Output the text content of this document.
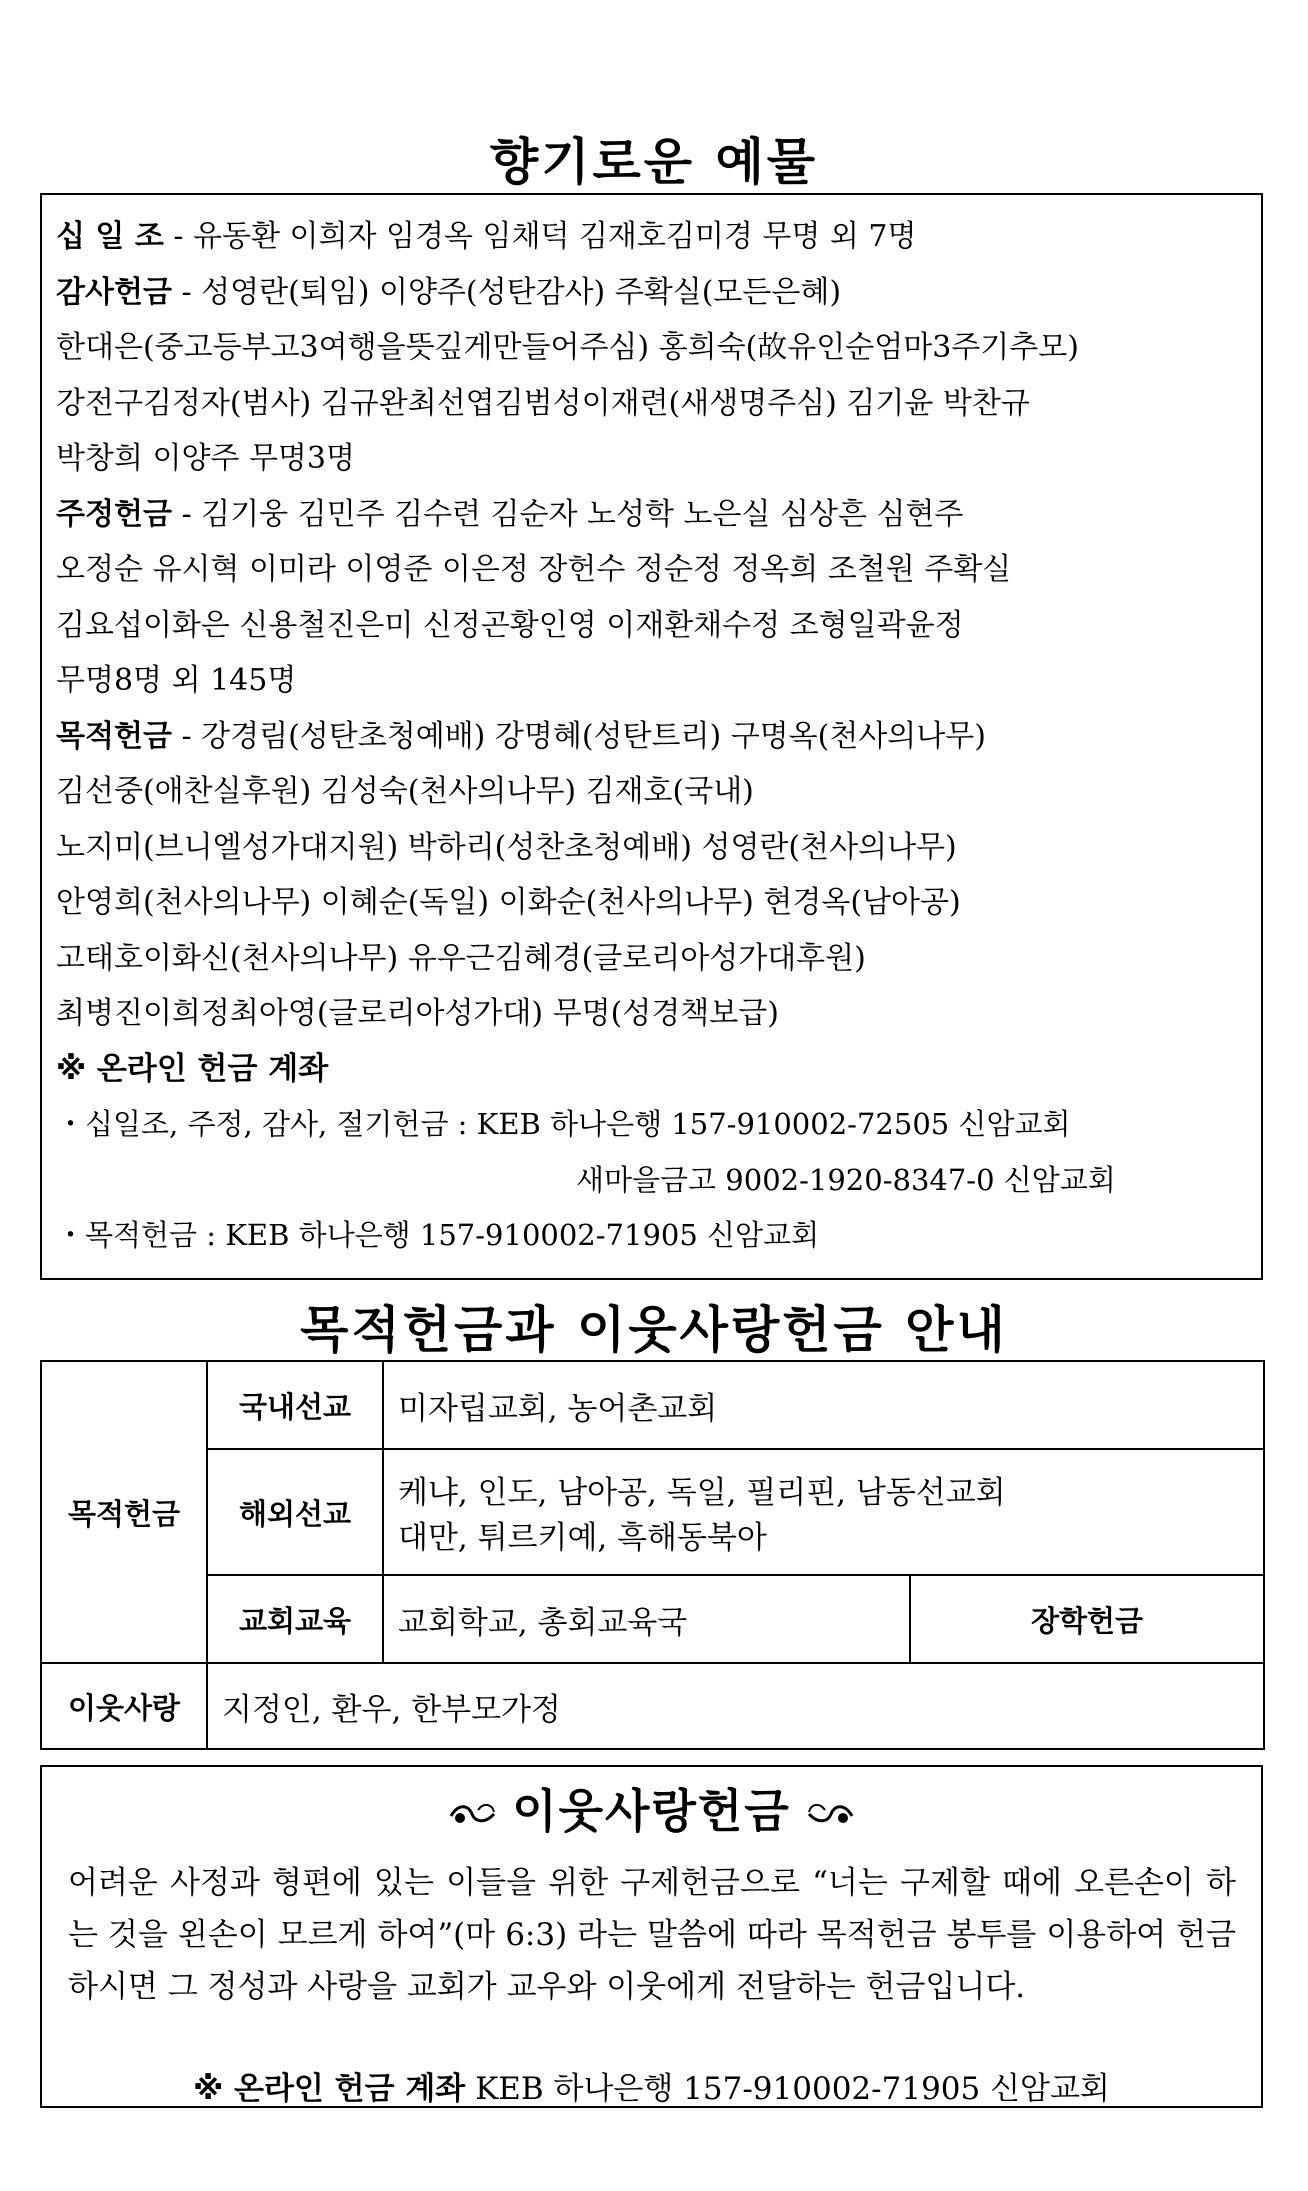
향기로운 예물
십 일 조 - 유동환 이희자 임경옥 임채덕 김재호김미경 무명 외 7명
감사헌금 - 성영란(퇴임) 이양주(성탄감사) 주확실(모든은혜)
한대은(중고등부고3여행을뜻깊게만들어주심) 홍희숙(故유인순엄마3주기추모)
강전구김정자(범사) 김규완최선엽김범성이재련(새생명주심) 김기윤 박찬규
박창희 이양주 무명3명
주정헌금 - 김기웅 김민주 김수련 김순자 노성학 노은실 심상흔 심현주
오정순 유시혁 이미라 이영준 이은정 장헌수 정순정 정옥희 조철원 주확실
김요섭이화은 신용철진은미 신정곤황인영 이재환채수정 조형일곽윤정
무명8명 외 145명
목적헌금 - 강경림(성탄초청예배) 강명혜(성탄트리) 구명옥(천사의나무)
김선중(애찬실후원) 김성숙(천사의나무) 김재호(국내)
노지미(브니엘성가대지원) 박하리(성찬초청예배) 성영란(천사의나무)
안영희(천사의나무) 이혜순(독일) 이화순(천사의나무) 현경옥(남아공)
고태호이화신(천사의나무) 유우근김혜경(글로리아성가대후원)
최병진이희정최아영(글로리아성가대) 무명(성경책보급)
※ 온라인 헌금 계좌
・십일조, 주정, 감사, 절기헌금 : KEB 하나은행 157-910002-72505 신암교회
새마을금고 9002-1920-8347-0 신암교회
・목적헌금 : KEB 하나은행 157-910002-71905 신암교회
목적헌금과 이웃사랑헌금 안내
목적헌금	국내선교	미자립교회, 농어촌교회	
	해외선교	케냐, 인도, 남아공, 독일, 필리핀, 남동선교회
대만, 튀르키예, 흑해동북아	

	교회교육	교회학교, 총회교육국	장학헌금
이웃사랑	지정인, 환우, 한부모가정		
이웃사랑헌금
어려운 사정과 형편에 있는 이들을 위한 구제헌금으로 “너는 구제할 때에 오른손이 하는 것을 왼손이 모르게 하여”(마 6:3) 라는 말씀에 따라 목적헌금 봉투를 이용하여 헌금하시면 그 정성과 사랑을 교회가 교우와 이웃에게 전달하는 헌금입니다.
※ 온라인 헌금 계좌 KEB 하나은행 157-910002-71905 신암교회
